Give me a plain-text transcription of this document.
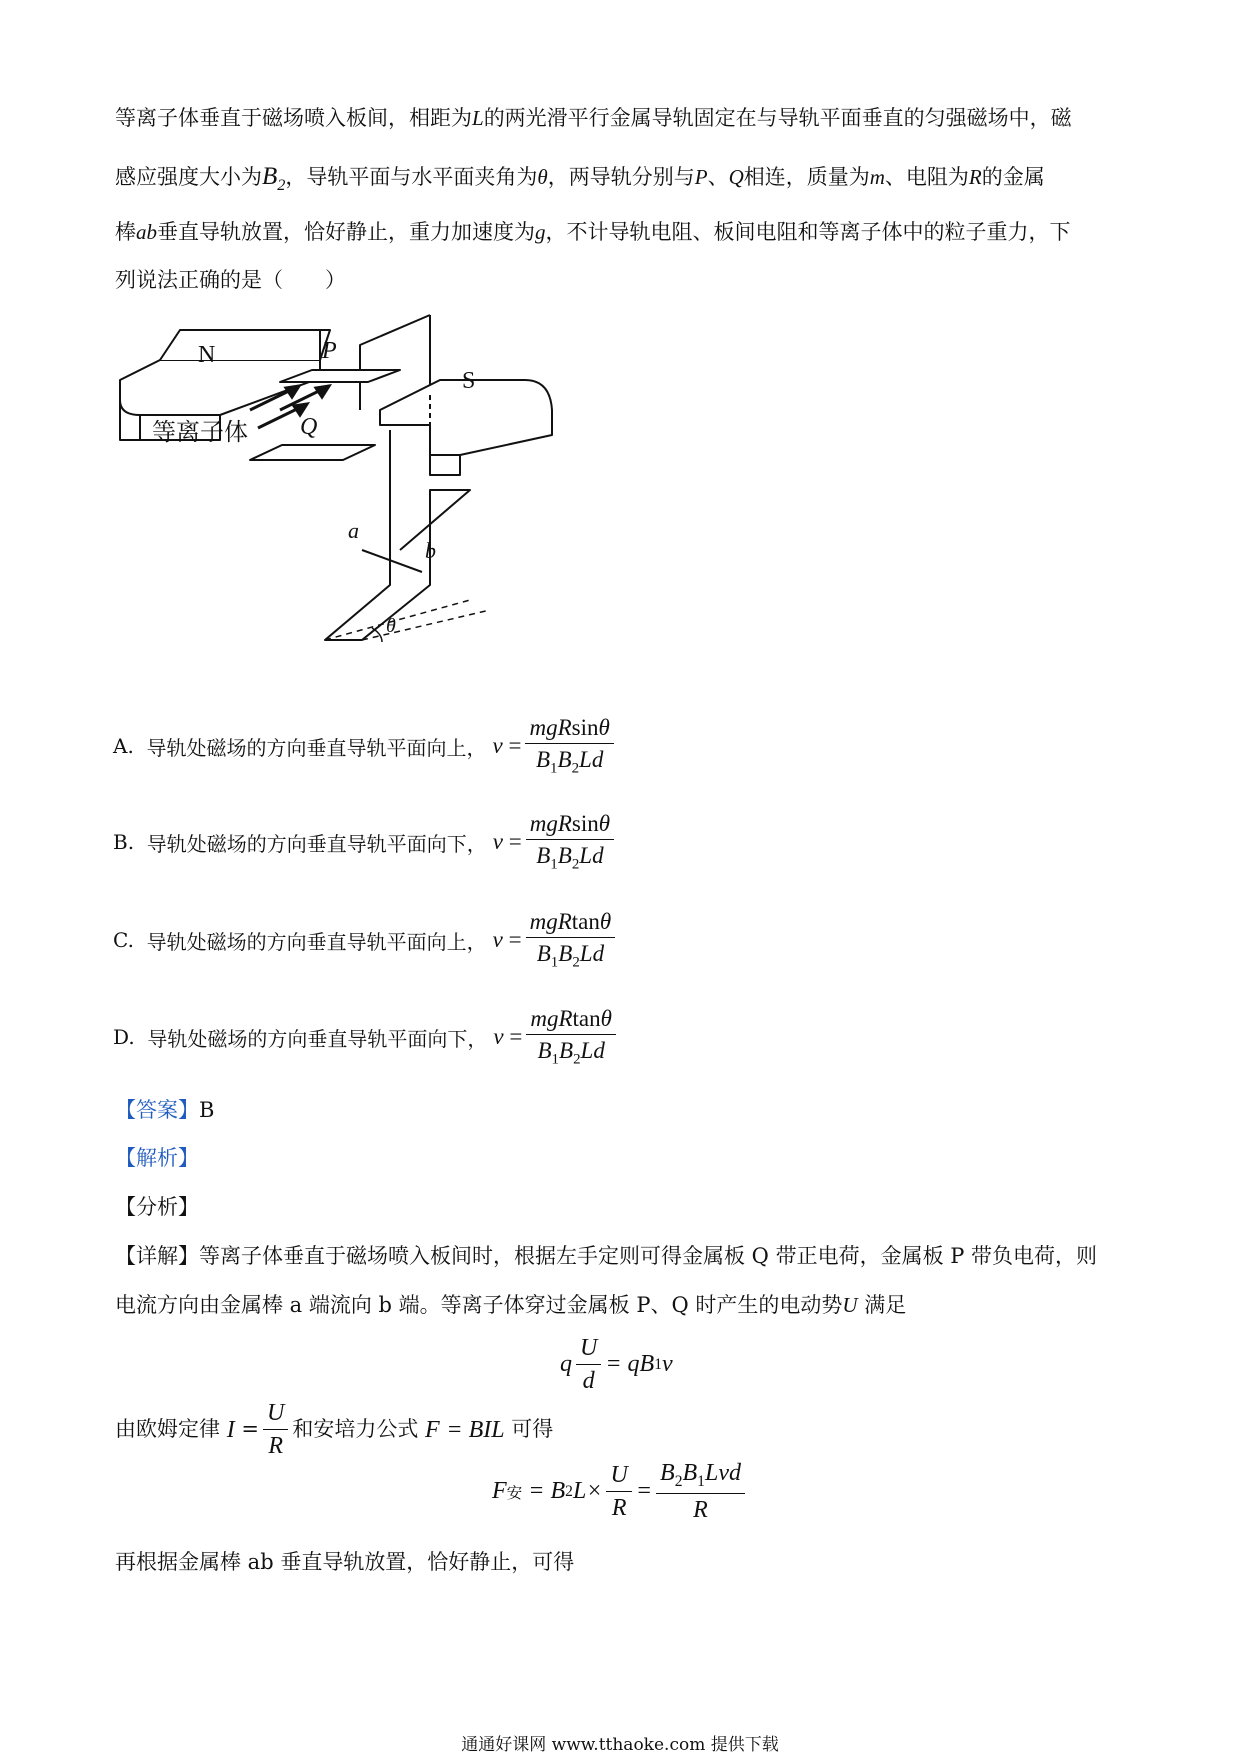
等离子体垂直于磁场喷入板间，相距为L的两光滑平行金属导轨固定在与导轨平面垂直的匀强磁场中，磁
感应强度大小为$B_2$，导轨平面与水平面夹角为θ，两导轨分别与P、Q相连，质量为m、电阻为R的金属
棒ab垂直导轨放置，恰好静止，重力加速度为g，不计导轨电阻、板间电阻和等离子体中的粒子重力，下
列说法正确的是（　　）
N	P
S
Q
a
b
θ
等离子体
A.
导轨处磁场的方向垂直导轨平面向上， v
= $\frac{\text{mgRsinθ}}{B_1B_2Ld}$
B.
导轨处磁场的方向垂直导轨平面向下， v
= $\frac{\text{mgRsinθ}}{B_1B_2Ld}$
C.
导轨处磁场的方向垂直导轨平面向上， v
= $\frac{\text{mgRtanθ}}{B_1B_2Ld}$
D.
导轨处磁场的方向垂直导轨平面向下， v
= $\frac{\text{mgRtanθ}}{B_1B_2Ld}$
【答案】B
【解析】
【分析】
【详解】等离子体垂直于磁场喷入板间时，根据左手定则可得金属板 Q 带正电荷，金属板 P 带负电荷，则
电流方向由金属棒 a 端流向 b 端。等离子体穿过金属板 P、Q 时产生的电动势U 满足
q $\frac{U}{d}$ = qB 1 v
由欧姆定律
I
= $\frac{U}{R}$ 和安培力公式
F
= BIL
可得
F 安
= B 2 $L\times \frac{U}{R} = \frac{B_2B_1Lvd}{R}$
再根据金属棒 ab 垂直导轨放置，恰好静止，可得
通通好课网 www.tthaoke.com 提供下载
